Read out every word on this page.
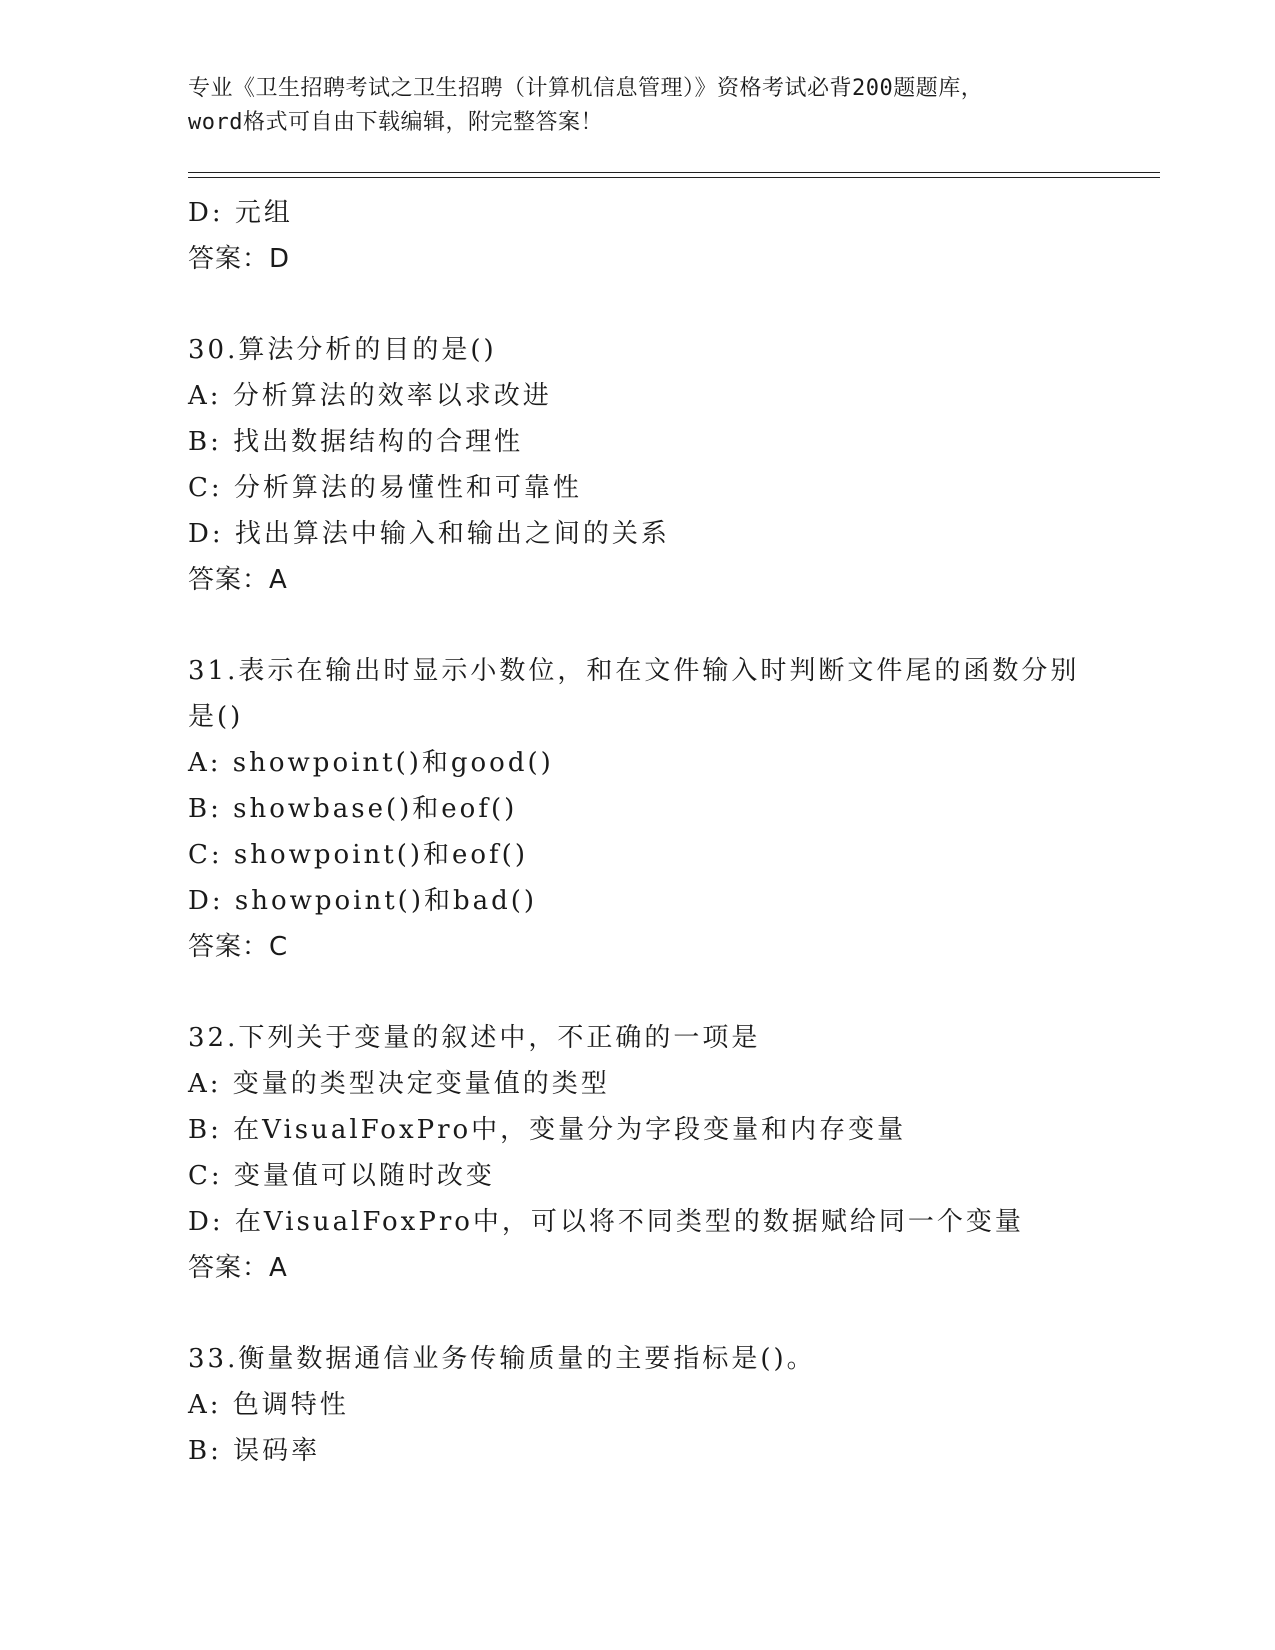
专业《卫生招聘考试之卫生招聘（计算机信息管理）》资格考试必背200题题库，
word格式可自由下载编辑，附完整答案！
D: 元组
答案：D
30.算法分析的目的是()
A: 分析算法的效率以求改进
B: 找出数据结构的合理性
C: 分析算法的易懂性和可靠性
D: 找出算法中输入和输出之间的关系
答案：A
31.表示在输出时显示小数位，和在文件输入时判断文件尾的函数分别
是()
A: showpoint()和good()
B: showbase()和eof()
C: showpoint()和eof()
D: showpoint()和bad()
答案：C
32.下列关于变量的叙述中，不正确的一项是
A: 变量的类型决定变量值的类型
B: 在VisualFoxPro中，变量分为字段变量和内存变量
C: 变量值可以随时改变
D: 在VisualFoxPro中，可以将不同类型的数据赋给同一个变量
答案：A
33.衡量数据通信业务传输质量的主要指标是()。
A: 色调特性
B: 误码率
